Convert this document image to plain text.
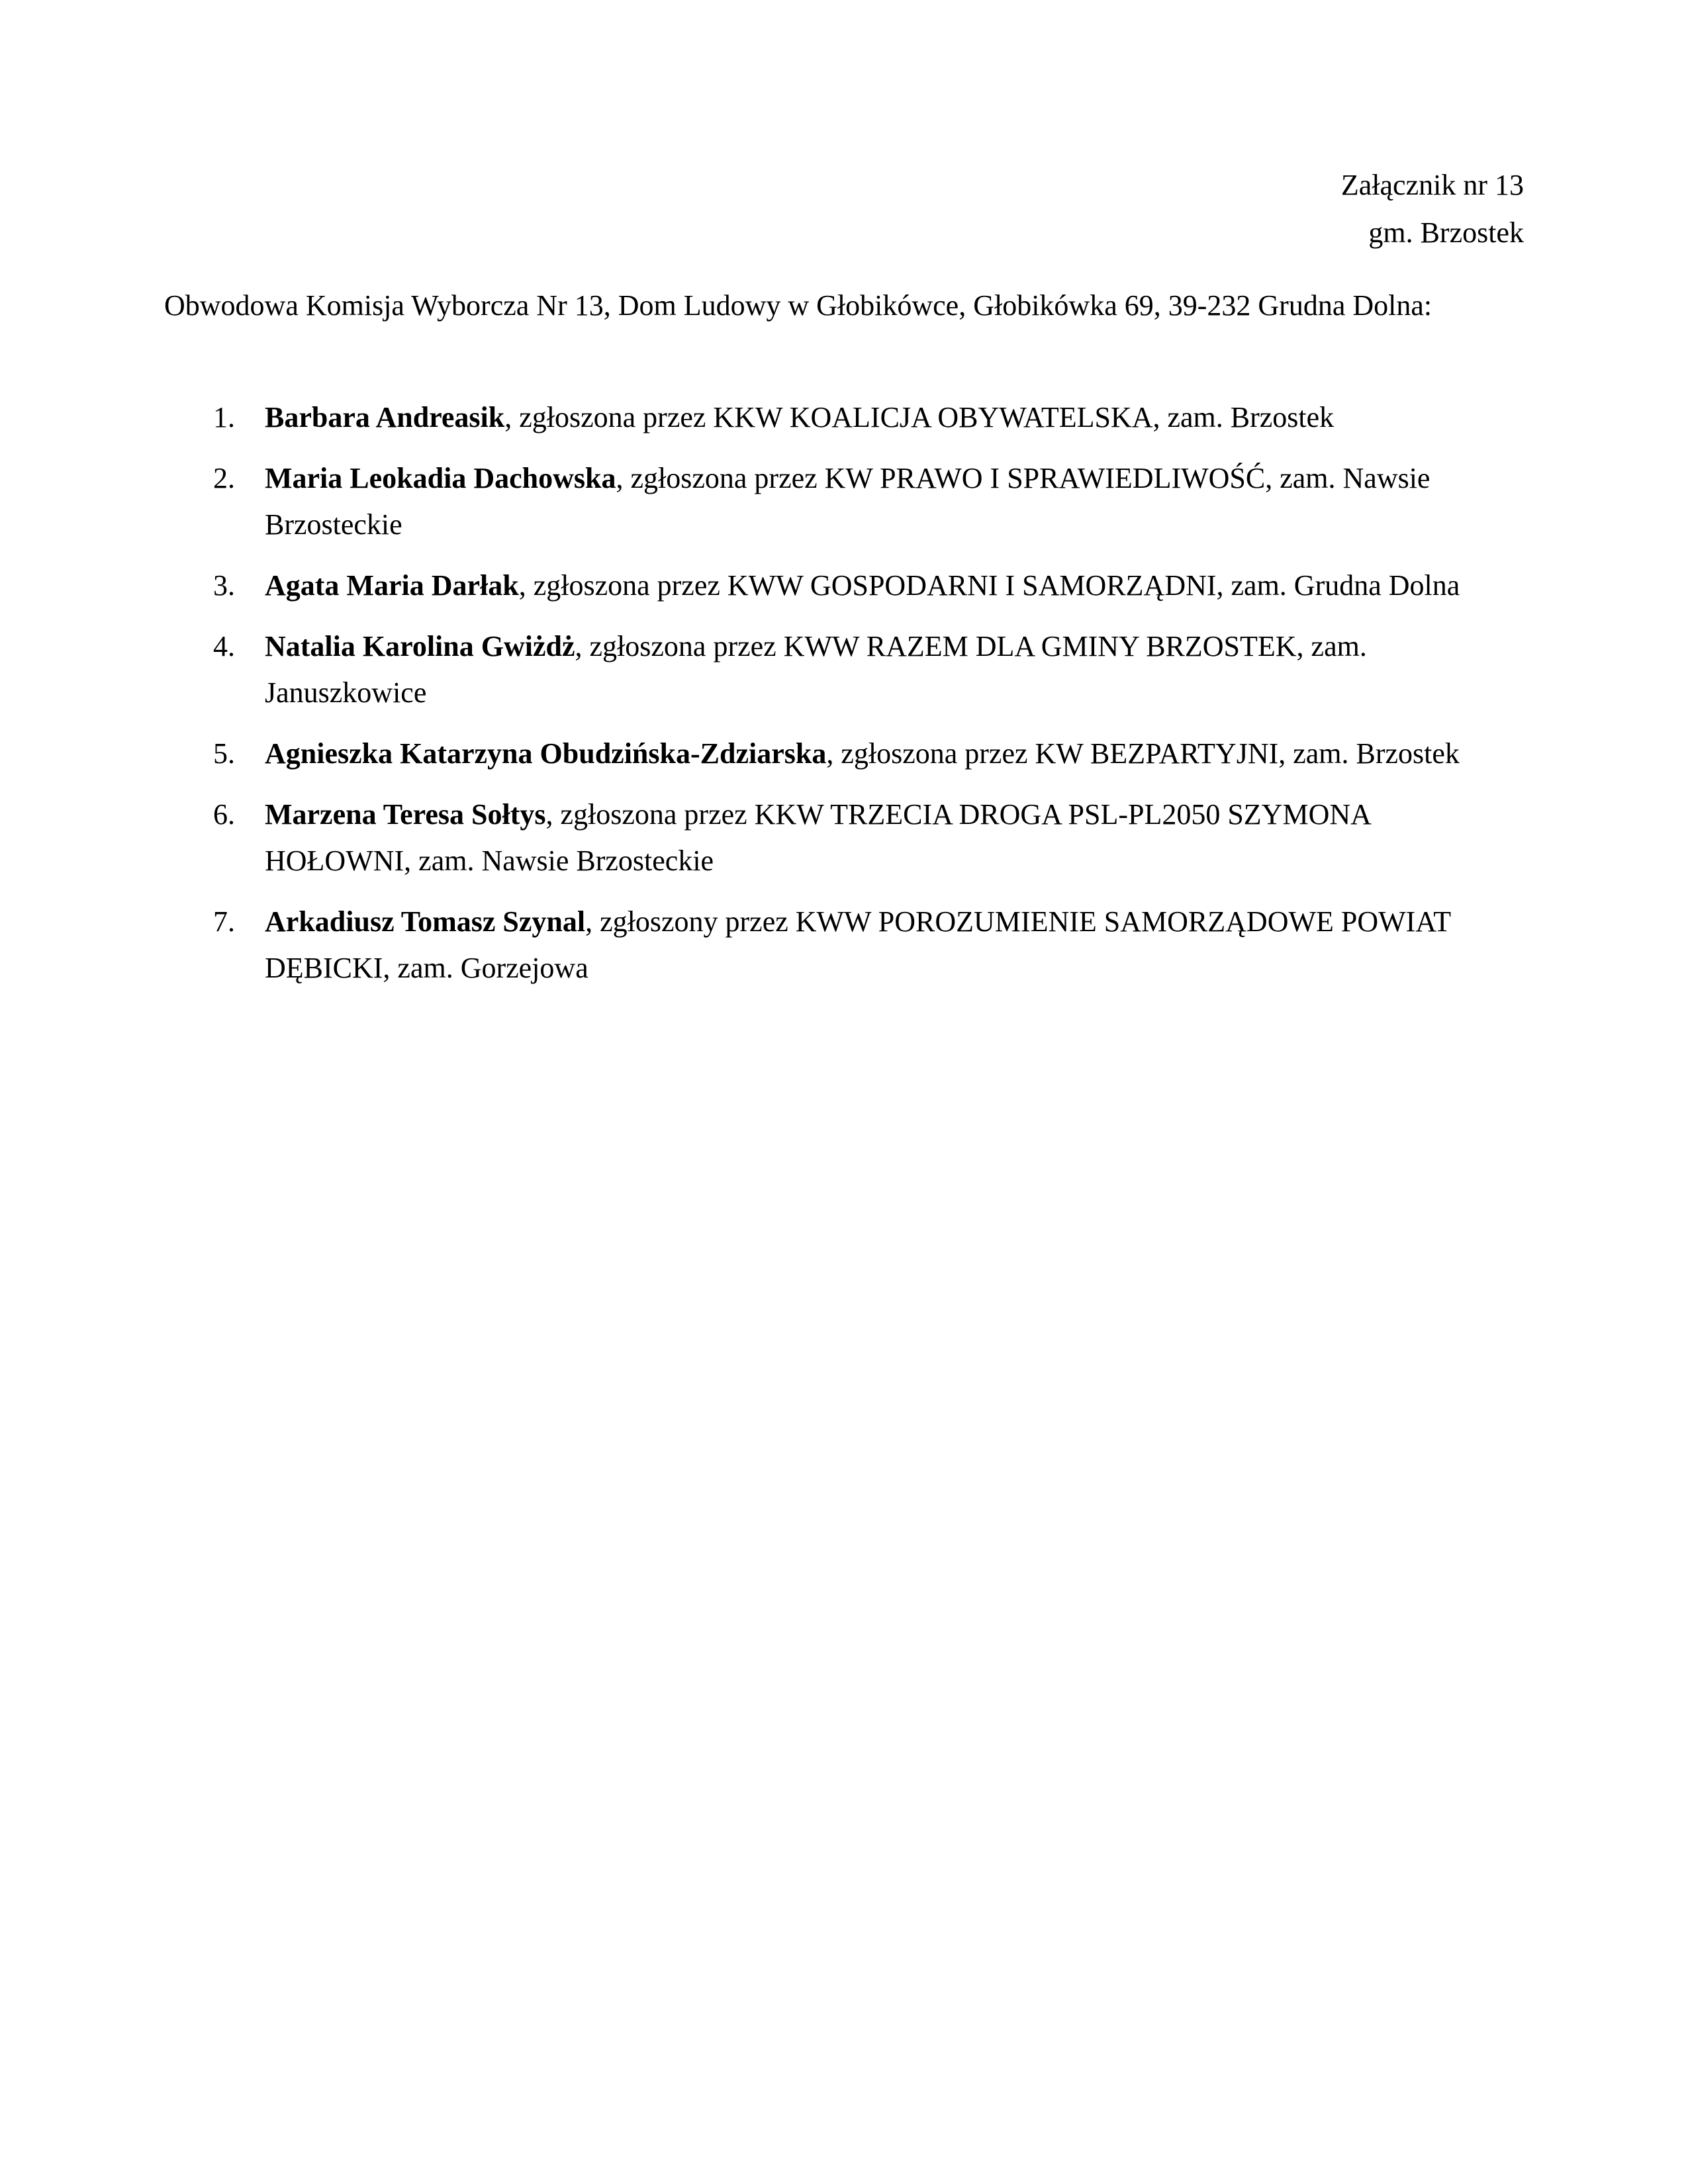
Załącznik nr 13
gm. Brzostek
Obwodowa Komisja Wyborcza Nr 13, Dom Ludowy w Głobikówce, Głobikówka 69, 39-232 Grudna Dolna:
1. Barbara Andreasik, zgłoszona przez KKW KOALICJA OBYWATELSKA, zam. Brzostek
2. Maria Leokadia Dachowska, zgłoszona przez KW PRAWO I SPRAWIEDLIWOŚĆ, zam. Nawsie Brzosteckie
3. Agata Maria Darłak, zgłoszona przez KWW GOSPODARNI I SAMORZĄDNI, zam. Grudna Dolna
4. Natalia Karolina Gwiżdż, zgłoszona przez KWW RAZEM DLA GMINY BRZOSTEK, zam. Januszkowice
5. Agnieszka Katarzyna Obudzińska-Zdziarska, zgłoszona przez KW BEZPARTYJNI, zam. Brzostek
6. Marzena Teresa Sołtys, zgłoszona przez KKW TRZECIA DROGA PSL-PL2050 SZYMONA HOŁOWNI, zam. Nawsie Brzosteckie
7. Arkadiusz Tomasz Szynal, zgłoszony przez KWW POROZUMIENIE SAMORZĄDOWE POWIAT DĘBICKI, zam. Gorzejowa
